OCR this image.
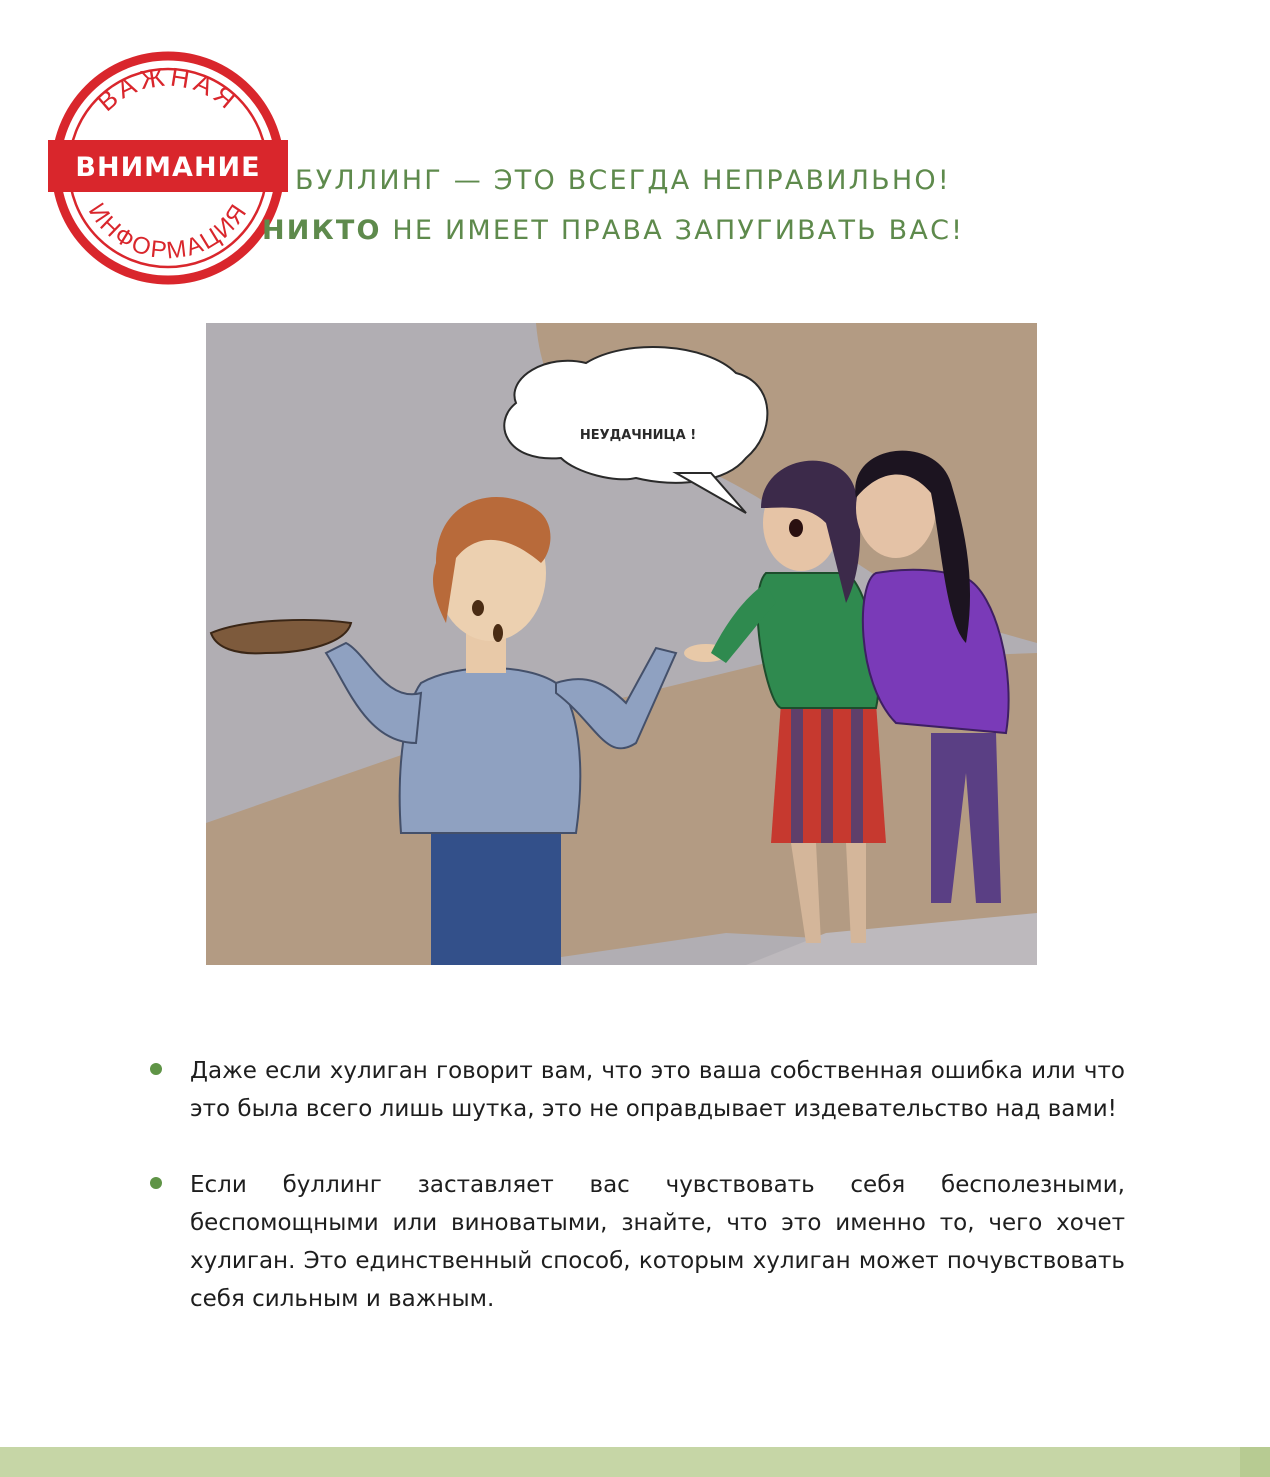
ВАЖНАЯ
ВНИМАНИЕ
ИНФОРМАЦИЯ
БУЛЛИНГ — ЭТО ВСЕГДА НЕПРАВИЛЬНО!
НИКТО НЕ ИМЕЕТ ПРАВА ЗАПУГИВАТЬ ВАС!
НЕУДАЧНИЦА !
Даже если хулиган говорит вам, что это ваша собственная ошибка или что это была всего лишь шутка, это не оправдывает издевательство над вами!
Если буллинг заставляет вас чувствовать себя бесполезными, беспомощными или виноватыми, знайте, что это именно то, чего хочет хулиган. Это единственный способ, которым хулиган может почувствовать себя сильным и важным.
